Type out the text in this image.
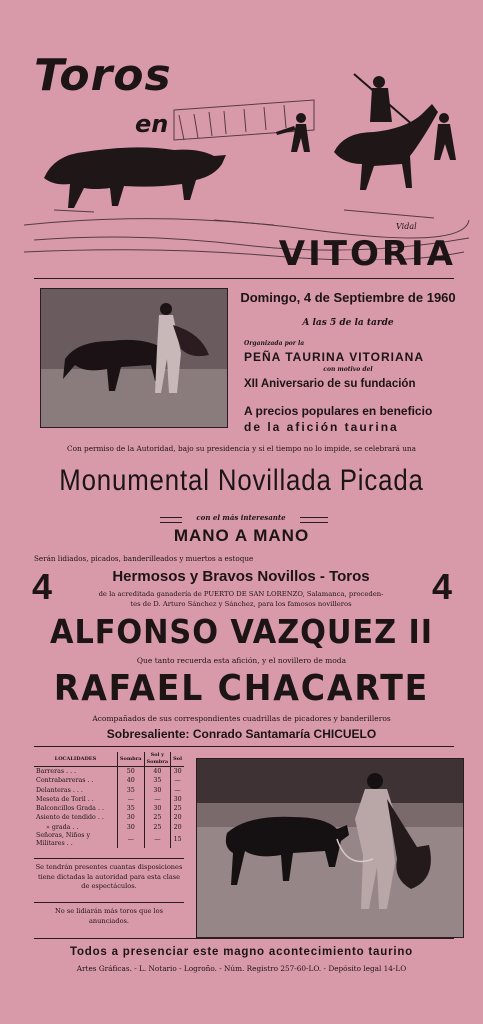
Toros
en
Vidal
VITORIA
Domingo, 4 de Septiembre de 1960
A las 5 de la tarde
Organizada por la
PEÑA TAURINA VITORIANA
con motivo del
XII Aniversario de su fundación
A precios populares en beneficio
de la afición taurina
Con permiso de la Autoridad, bajo su presidencia y si el tiempo no lo impide, se celebrará una
Monumental Novillada Picada
con el más interesante
MANO A MANO
Serán lidiados, picados, banderilleados y muertos a estoque
4	4
Hermosos y Bravos Novillos - Toros
de la acreditada ganadería de PUERTO DE SAN LORENZO, Salamanca, proceden-
tes de D. Arturo Sánchez y Sánchez, para los famosos novilleros
ALFONSO VAZQUEZ II
Que tanto recuerda esta afición, y el novillero de moda
RAFAEL CHACARTE
Acompañados de sus correspondientes cuadrillas de picadores y banderilleros
Sobresaliente: Conrado Santamaría CHICUELO
LOCALIDADES	Sombra	Sol y Sombra	Sol
Barreras . . .	50	40	30
Contrabarreras . .	40	35	—
Delanteras . . .	35	30	—
Meseta de Toril . .	—	—	30
Balconcillos Grada . .	35	30	25
Asiento de tendido . .	30	25	20
» grada . .	30	25	20
Señoras, Niños y Militares . .	—	—	15
Se tendrán presentes cuantas disposiciones tiene dictadas la autoridad para esta clase de espectáculos.
No se lidiarán más toros que los anunciados.
Todos a presenciar este magno acontecimiento taurino
Artes Gráficas. - L. Notario - Logroño. - Núm. Registro 257-60-LO. - Depósito legal 14-LO
